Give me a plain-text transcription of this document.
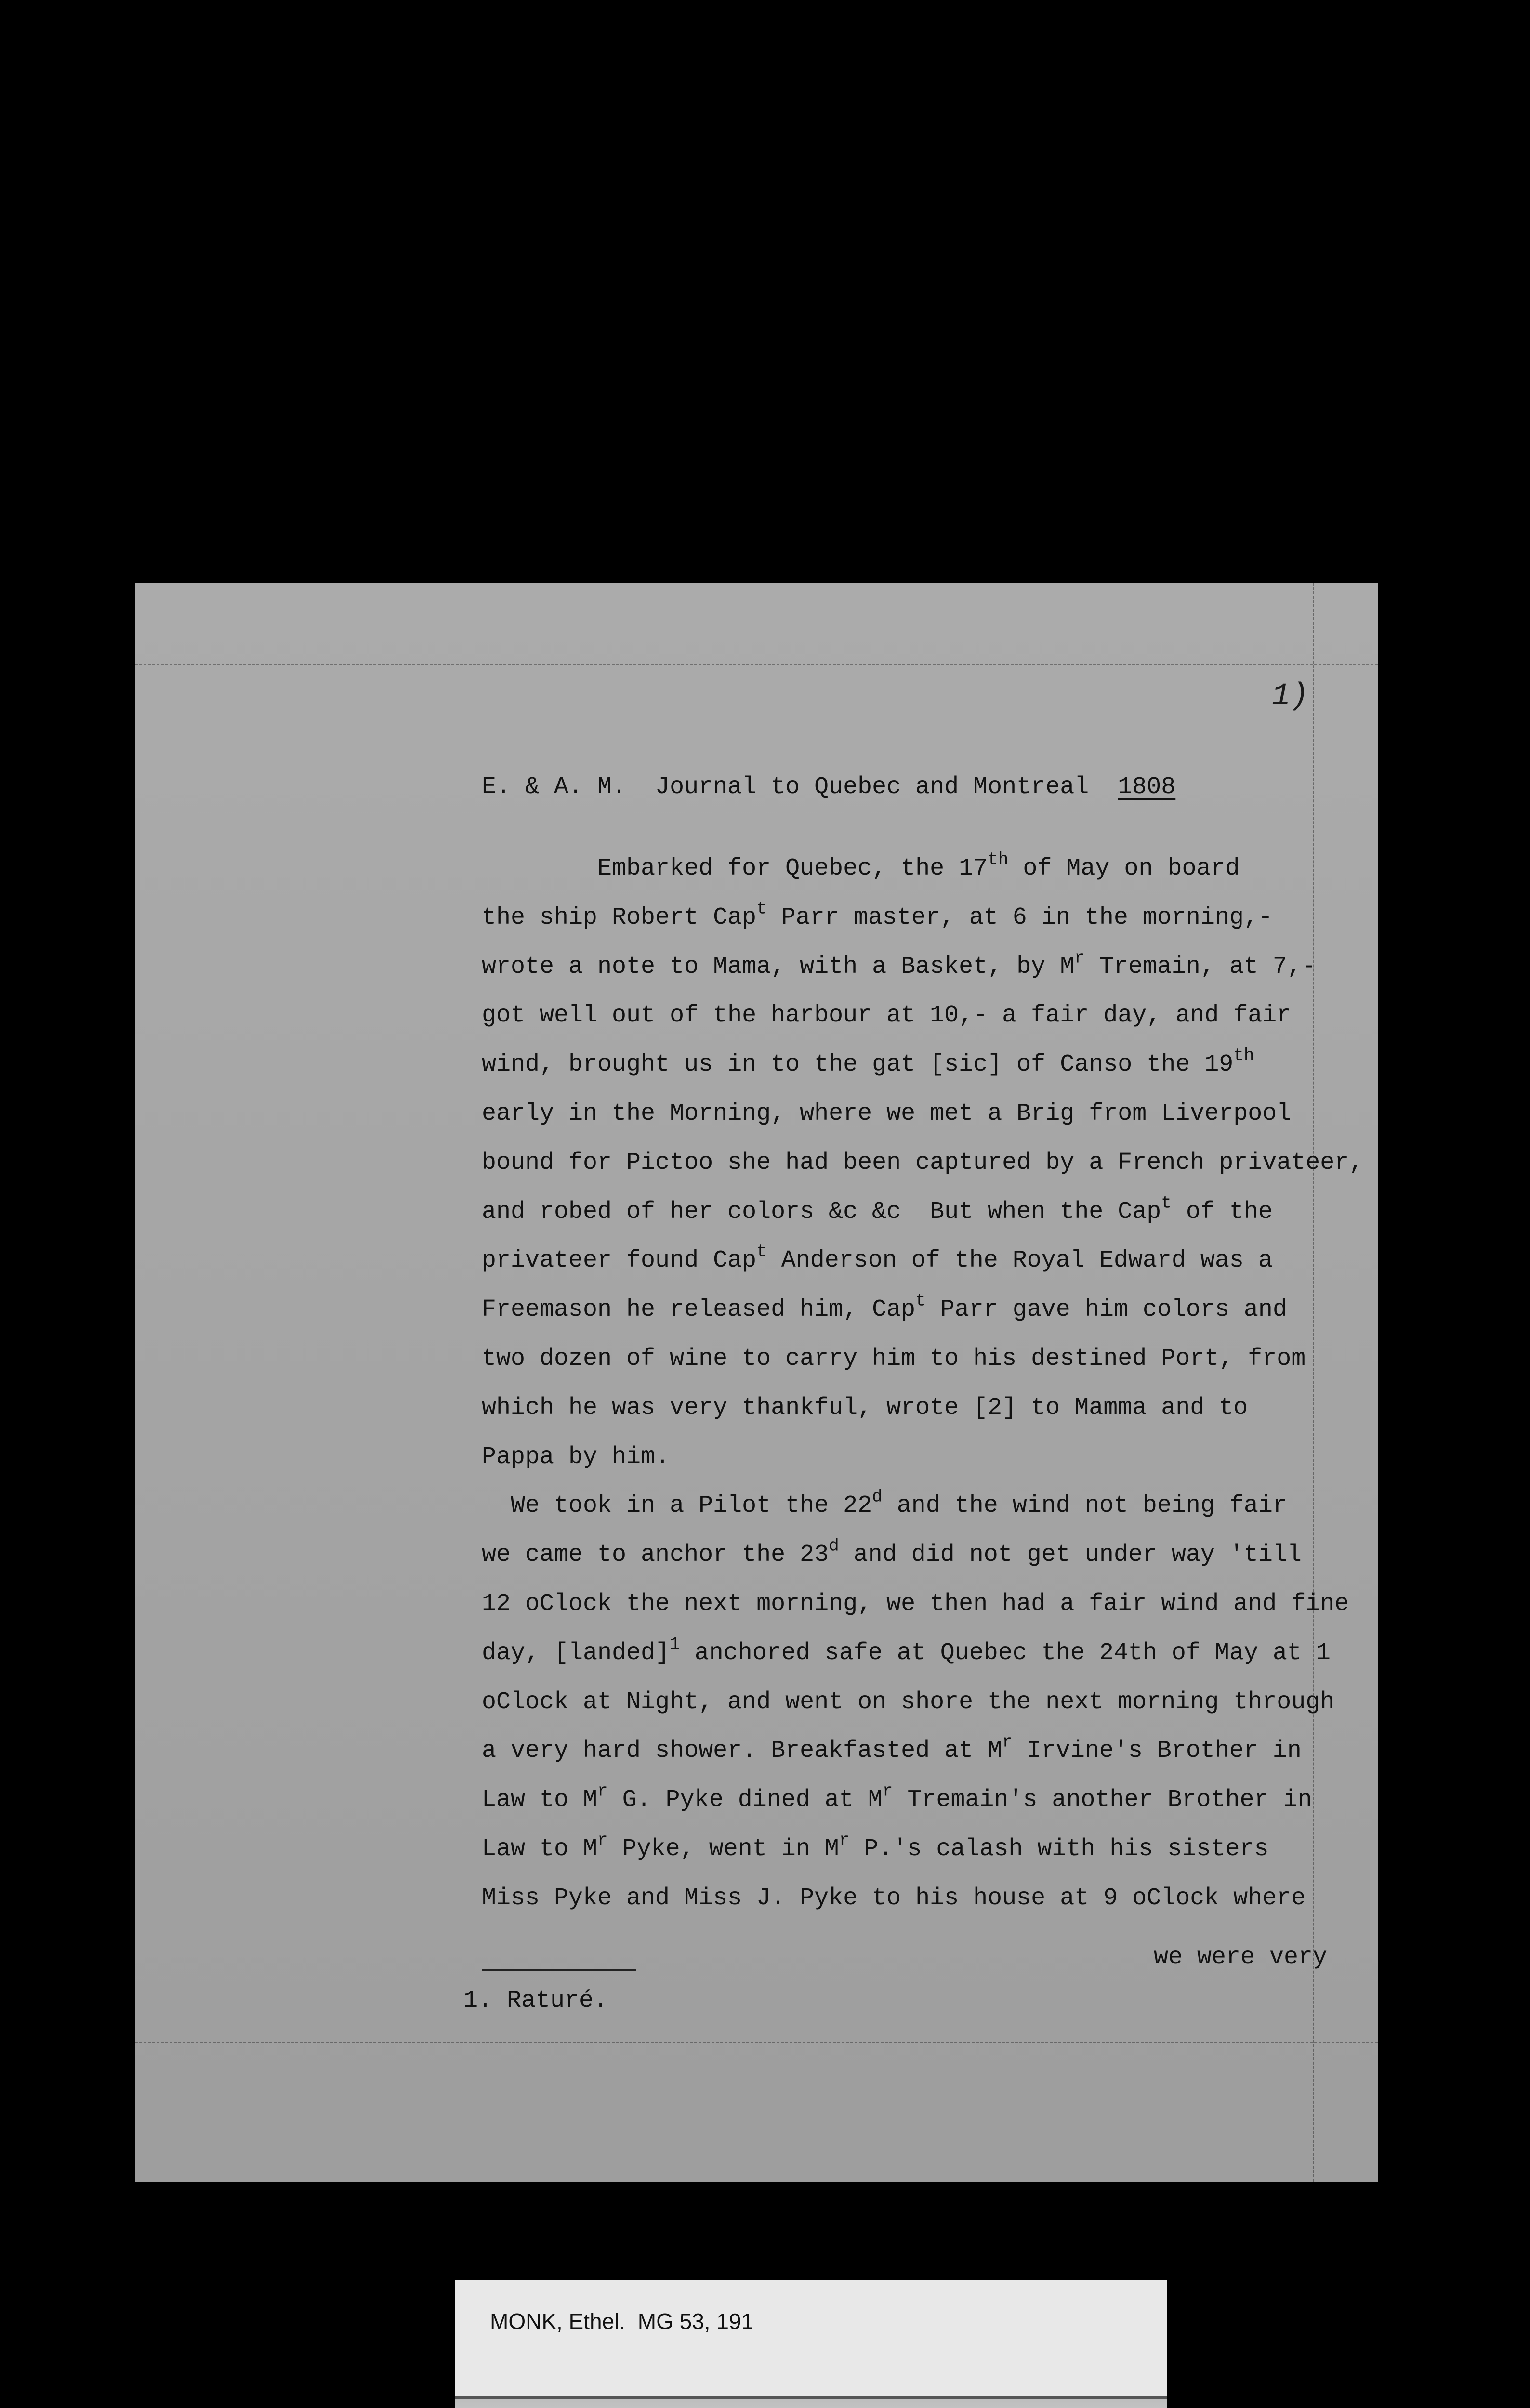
1)
E. & A. M.  Journal to Quebec and Montreal  1808
Embarked for Quebec, the 17th of May on board
the ship Robert Cap$^t$ Parr master, at 6 in the morning,-
wrote a note to Mama, with a Basket, by $M^r$ Tremain, at 7,-
got well out of the harbour at 10,- a fair day, and fair
wind, brought us in to the gat [sic] of Canso the 19th
early in the Morning, where we met a Brig from Liverpool
bound for Pictoo she had been captured by a French privateer,
and robed of her colors &c &c  But when the Cap$^t$ of the
privateer found Cap$^t$ Anderson of the Royal Edward was a
Freemason he released him, Cap$^t$ Parr gave him colors and
two dozen of wine to carry him to his destined Port, from
which he was very thankful, wrote [2] to Mamma and to
Pappa by him.
We took in a Pilot the 22$^d$ and the wind not being fair
we came to anchor the 23$^d$ and did not get under way 'till
12 oClock the next morning, we then had a fair wind and fine
day, [landed]$^1$ anchored safe at Quebec the 24th of May at 1
oClock at Night, and went on shore the next morning through
a very hard shower. Breakfasted at $M^r$ Irvine's Brother in
Law to $M^r$ G. Pyke dined at $M^r$ Tremain's another Brother in
Law to $M^r$ Pyke, went in $M^r$ P.'s calash with his sisters
Miss Pyke and Miss J. Pyke to his house at 9 oClock where
we were very
1. Raturé.
MONK, Ethel.  MG 53, 191
